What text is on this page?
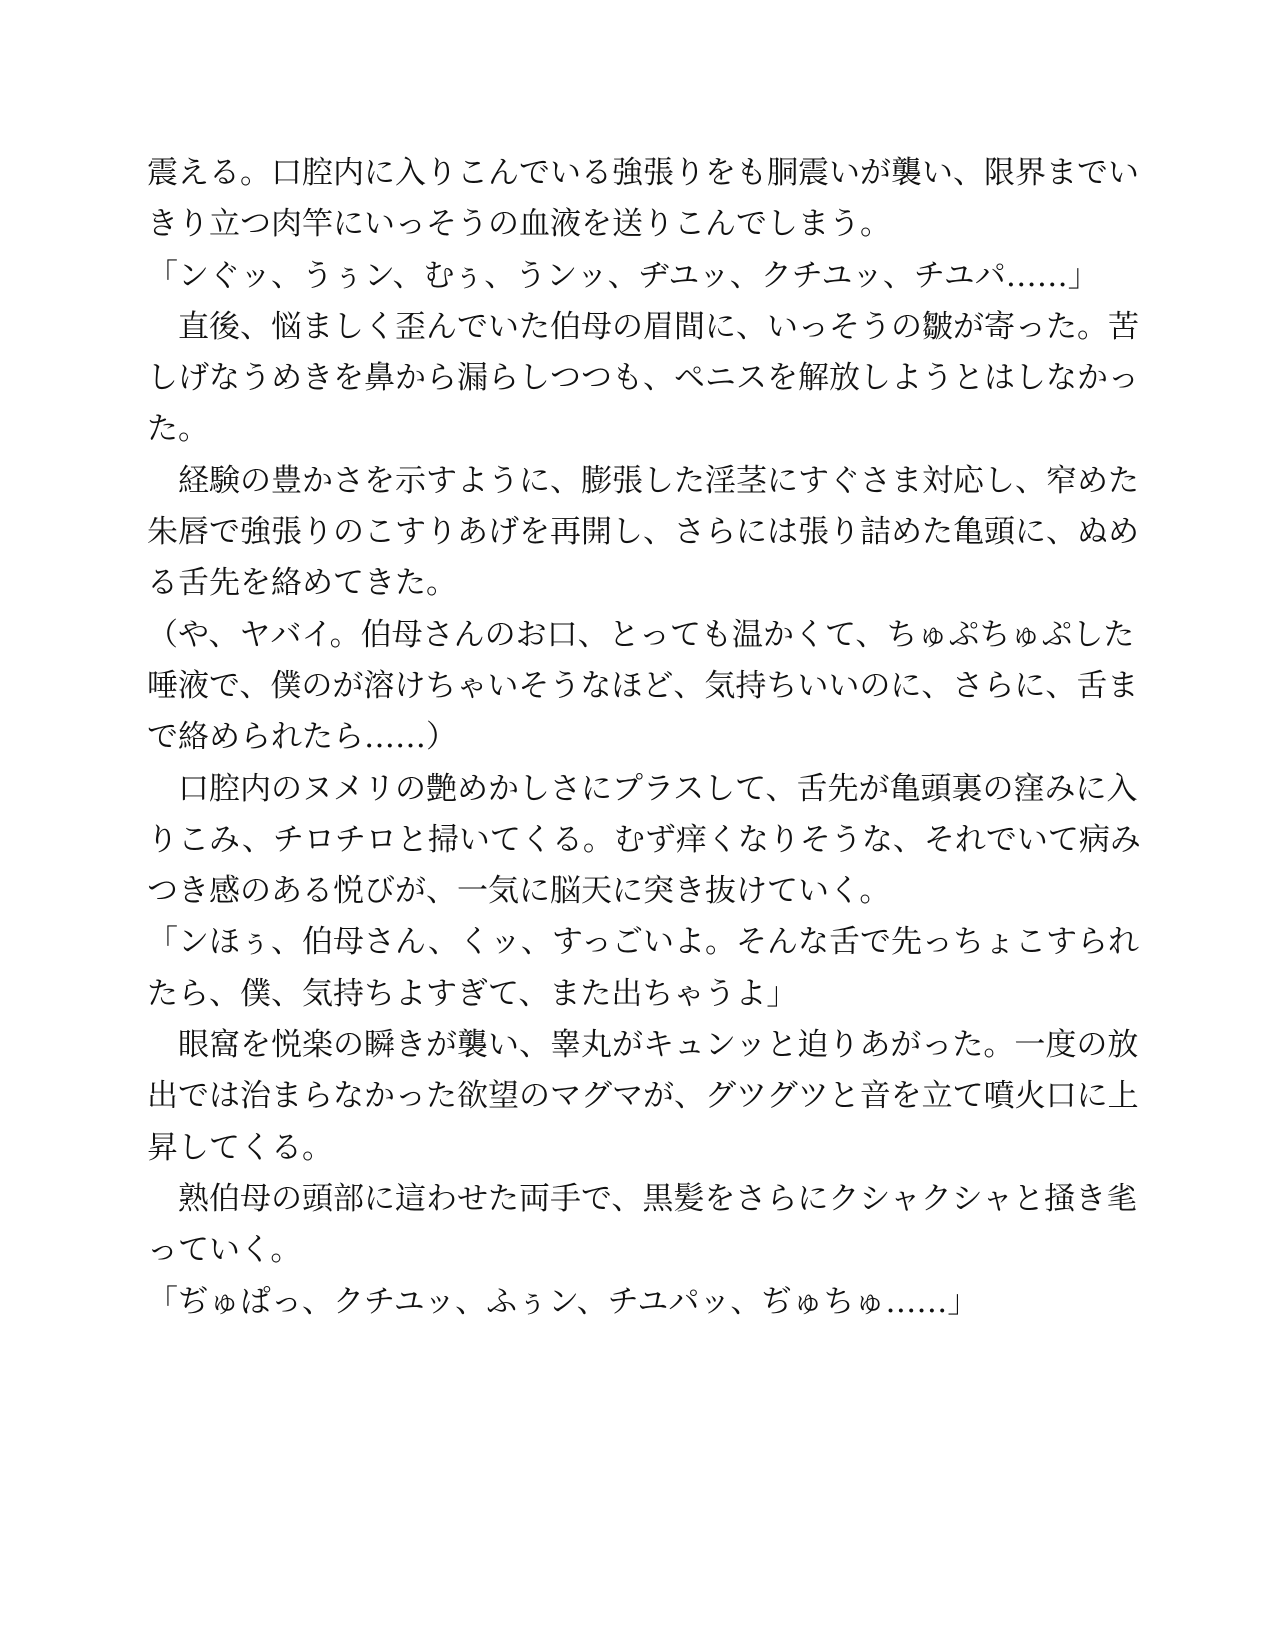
震える。口腔内に入りこんでいる強張りをも胴震いが襲い、限界までい
きり立つ肉竿にいっそうの血液を送りこんでしまう。
「ンぐッ、うぅン、むぅ、うンッ、ヂユッ、クチユッ、チユパ……」
　直後、悩ましく歪んでいた伯母の眉間に、いっそうの皺が寄った。苦
しげなうめきを鼻から漏らしつつも、ペニスを解放しようとはしなかっ
た。
　経験の豊かさを示すように、膨張した淫茎にすぐさま対応し、窄めた
朱唇で強張りのこすりあげを再開し、さらには張り詰めた亀頭に、ぬめ
る舌先を絡めてきた。
（や、ヤバイ。伯母さんのお口、とっても温かくて、ちゅぷちゅぷした
唾液で、僕のが溶けちゃいそうなほど、気持ちいいのに、さらに、舌ま
で絡められたら……）
　口腔内のヌメリの艶めかしさにプラスして、舌先が亀頭裏の窪みに入
りこみ、チロチロと掃いてくる。むず痒くなりそうな、それでいて病み
つき感のある悦びが、一気に脳天に突き抜けていく。
「ンほぅ、伯母さん、くッ、すっごいよ。そんな舌で先っちょこすられ
たら、僕、気持ちよすぎて、また出ちゃうよ」
　眼窩を悦楽の瞬きが襲い、睾丸がキュンッと迫りあがった。一度の放
出では治まらなかった欲望のマグマが、グツグツと音を立て噴火口に上
昇してくる。
　熟伯母の頭部に這わせた両手で、黒髪をさらにクシャクシャと掻き毟
っていく。
「ぢゅぱっ、クチユッ、ふぅン、チユパッ、ぢゅちゅ……」
